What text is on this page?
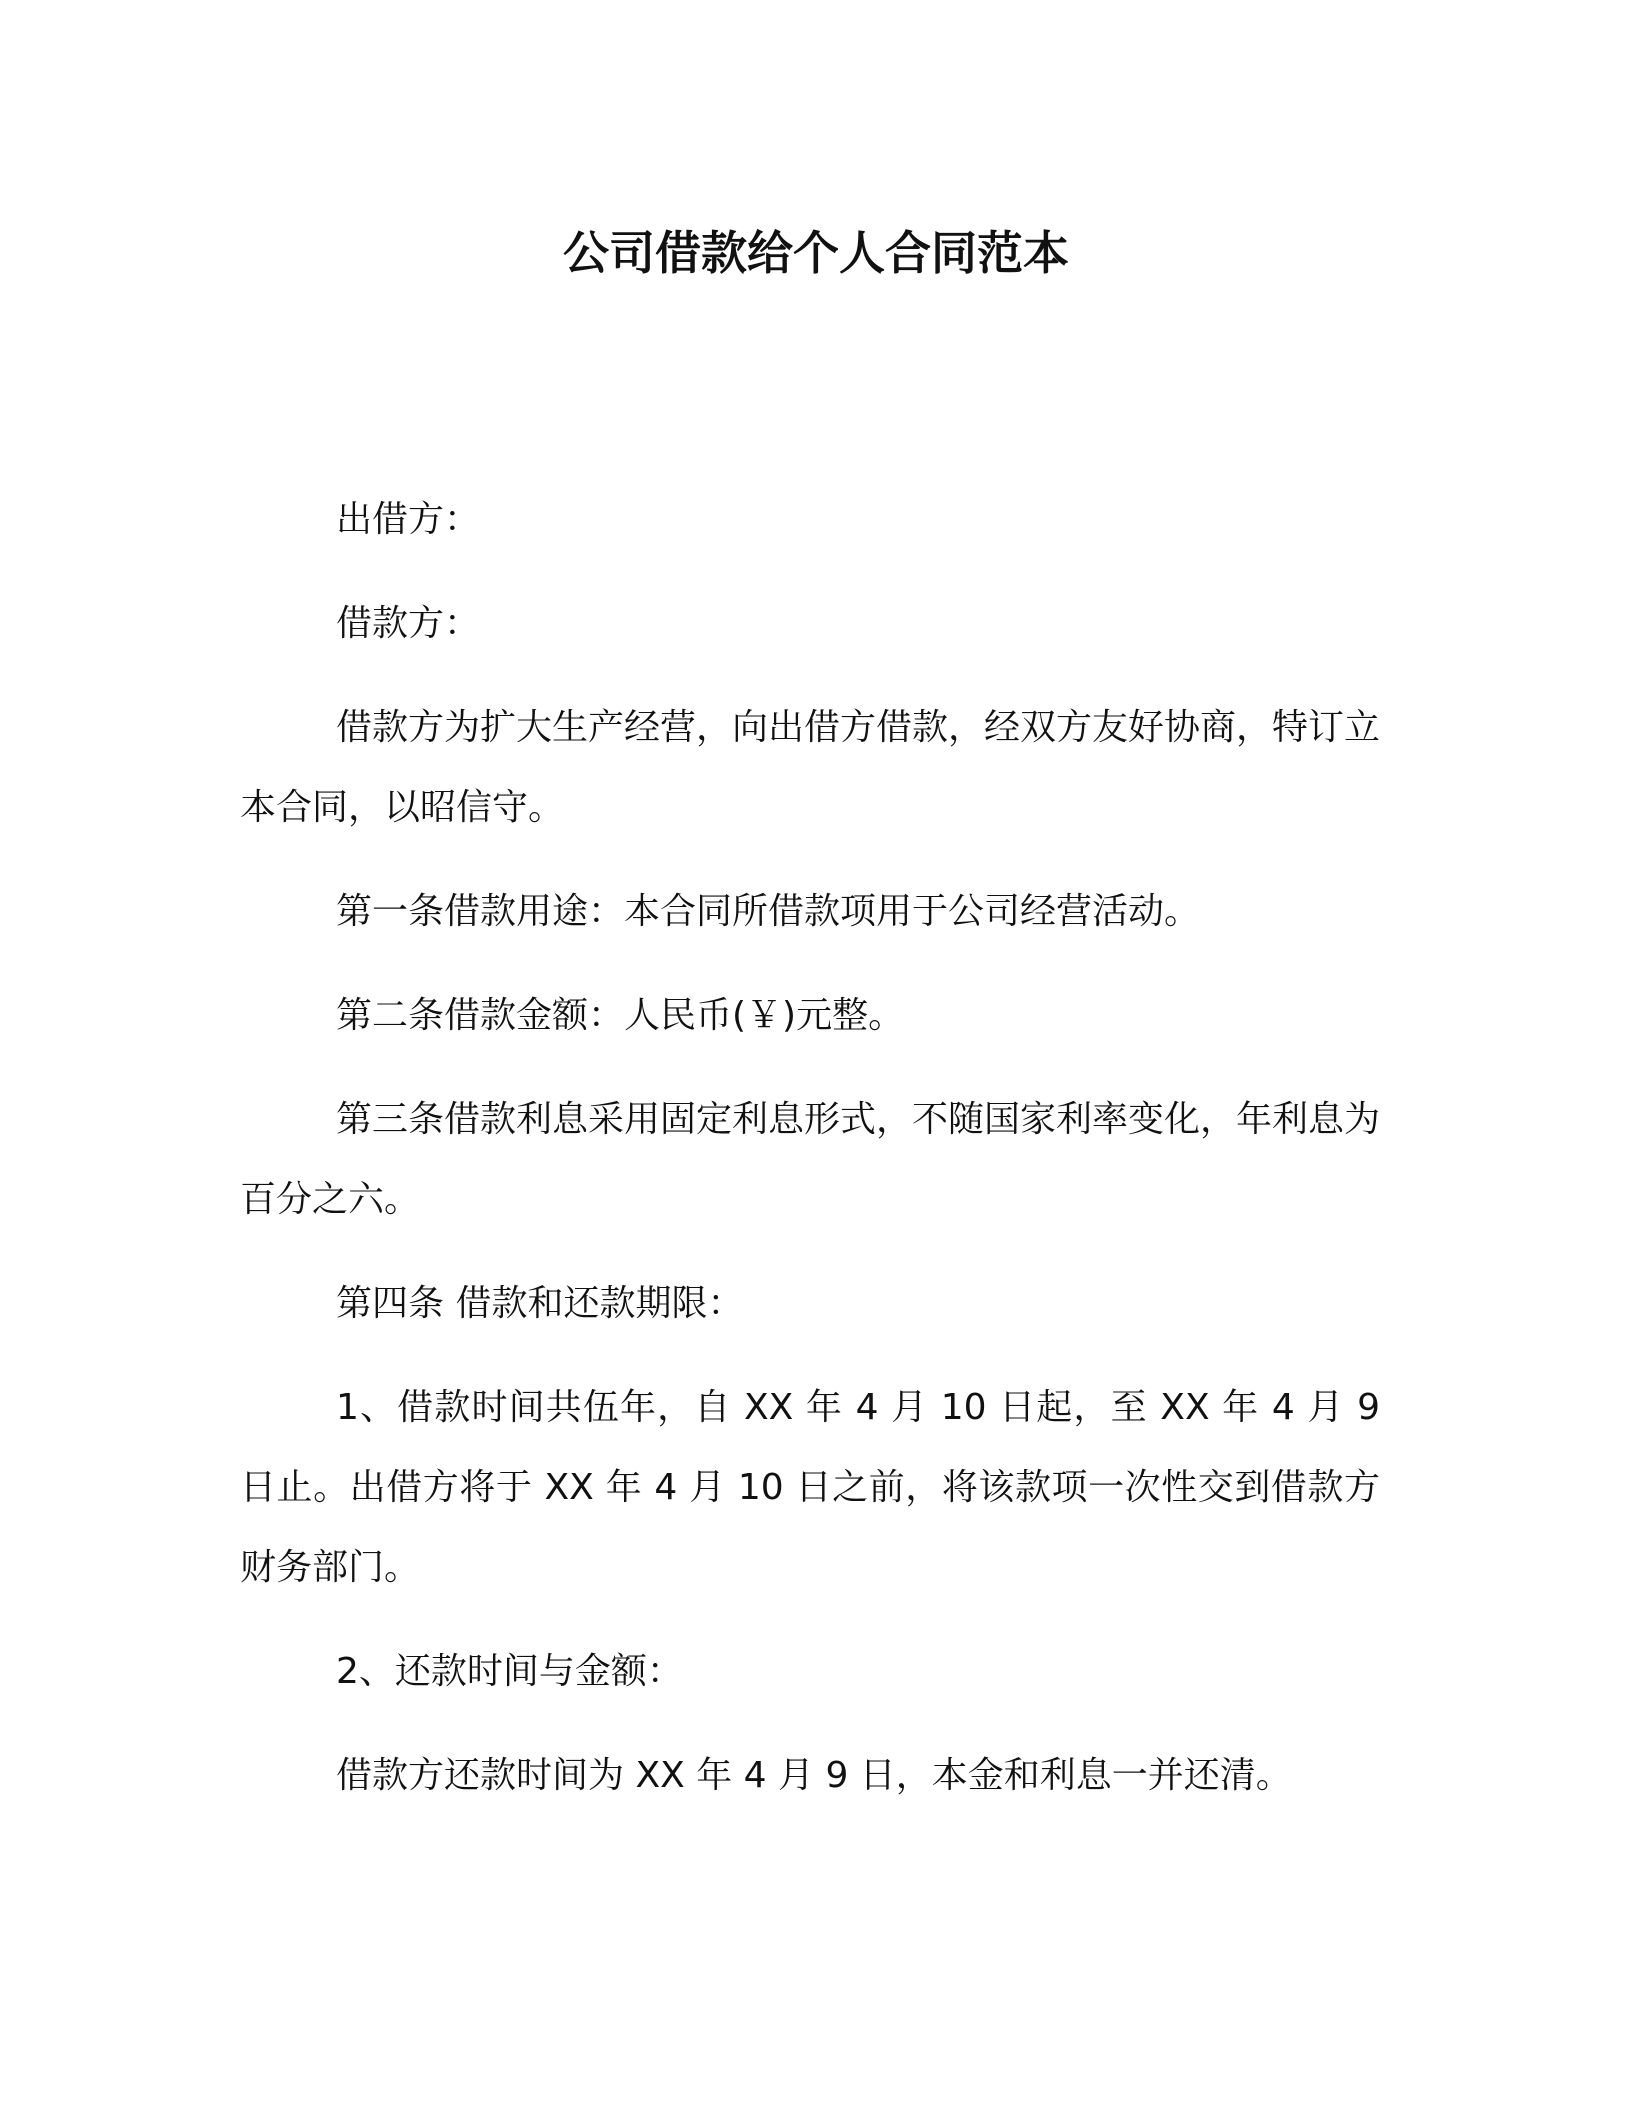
公司借款给个人合同范本

出借方：

借款方：

借款方为扩大生产经营，向出借方借款，经双方友好协商，特订立本合同，以昭信守。

第一条借款用途：本合同所借款项用于公司经营活动。

第二条借款金额：人民币(￥)元整。

第三条借款利息采用固定利息形式，不随国家利率变化，年利息为百分之六。

第四条 借款和还款期限：

1、借款时间共伍年，自 XX 年 4 月 10 日起，至 XX 年 4 月 9 日止。出借方将于 XX 年 4 月 10 日之前，将该款项一次性交到借款方财务部门。

2、还款时间与金额：

借款方还款时间为 XX 年 4 月 9 日，本金和利息一并还清。
